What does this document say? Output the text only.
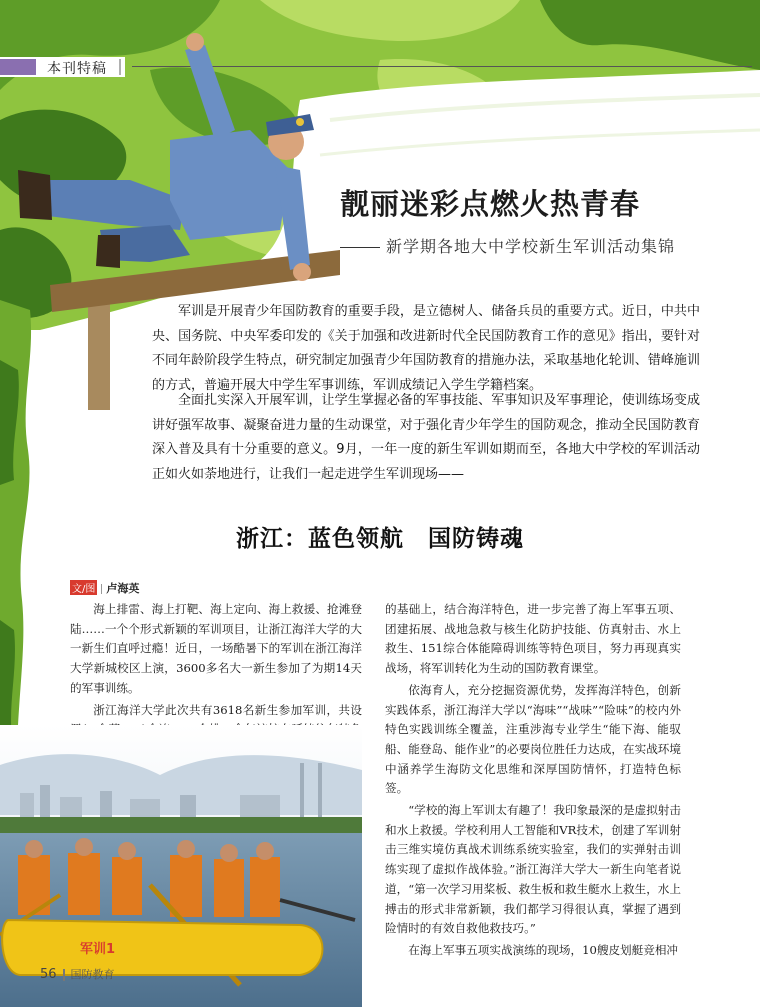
本刊特稿
靓丽迷彩点燃火热青春
新学期各地大中学校新生军训活动集锦

军训是开展青少年国防教育的重要手段，是立德树人、储备兵员的重要方式。近日，中共中央、国务院、中央军委印发的《关于加强和改进新时代全民国防教育工作的意见》指出，要针对不同年龄阶段学生特点，研究制定加强青少年国防教育的措施办法，采取基地化轮训、错峰施训的方式，普遍开展大中学生军事训练，军训成绩记入学生学籍档案。

全面扎实深入开展军训，让学生掌握必备的军事技能、军事知识及军事理论，使训练场变成讲好强军故事、凝聚奋进力量的生动课堂，对于强化青少年学生的国防观念，推动全民国防教育深入普及具有十分重要的意义。9月，一年一度的新生军训如期而至，各地大中学校的军训活动正如火如荼地进行，让我们一起走进学生军训现场——

浙江：蓝色领航　国防铸魂
文/图 卢海英

海上排雷、海上打靶、海上定向、海上救援、抢滩登陆……一个个形式新颖的军训项目，让浙江海洋大学的大一新生们直呼过瘾！近日，一场酷暑下的军训在浙江海洋大学新城校区上演，3600多名大一新生参加了为期14天的军事训练。

浙江海洋大学此次共有3618名新生参加军训，共设

的基础上，结合海洋特色，进一步完善了海上军事五项、团建拓展、战地急救与核生化防护技能、仿真射击、水上救生、151综合体能障碍训练等特色项目，努力再现真实战场，将军训转化为生动的国防教育课堂。

依海育人，充分挖掘资源优势，发挥海洋特色，创新实践体系，浙江海洋大学以“海味”“战味”“险味”的校内外特色实践训练全覆盖，注重涉海专业学生“能下海、能驭船、能登岛、能作业”的必要岗位胜任力达成，在实战环境中涵养学生海防文化思维和深厚国防情怀，打造特色标签。

“学校的海上军训太有趣了！我印象最深的是虚拟射击和水上救援。学校利用人工智能和VR技术，创建了军训射击三维实境仿真战术训练系统实验室，我们的实弹射击训练实现了虚拟作战体验。”浙江海洋大学大一新生向笔者说道，“第一次学习用桨板、救生板和救生艇水上救生，水上搏击的形式非常新颖，我们都学习得很认真，掌握了遇到险情时的有效自救他救技巧。”

在海上军事五项实战演练的现场，10艘皮划艇竞相冲

军训1
56 国防教育
